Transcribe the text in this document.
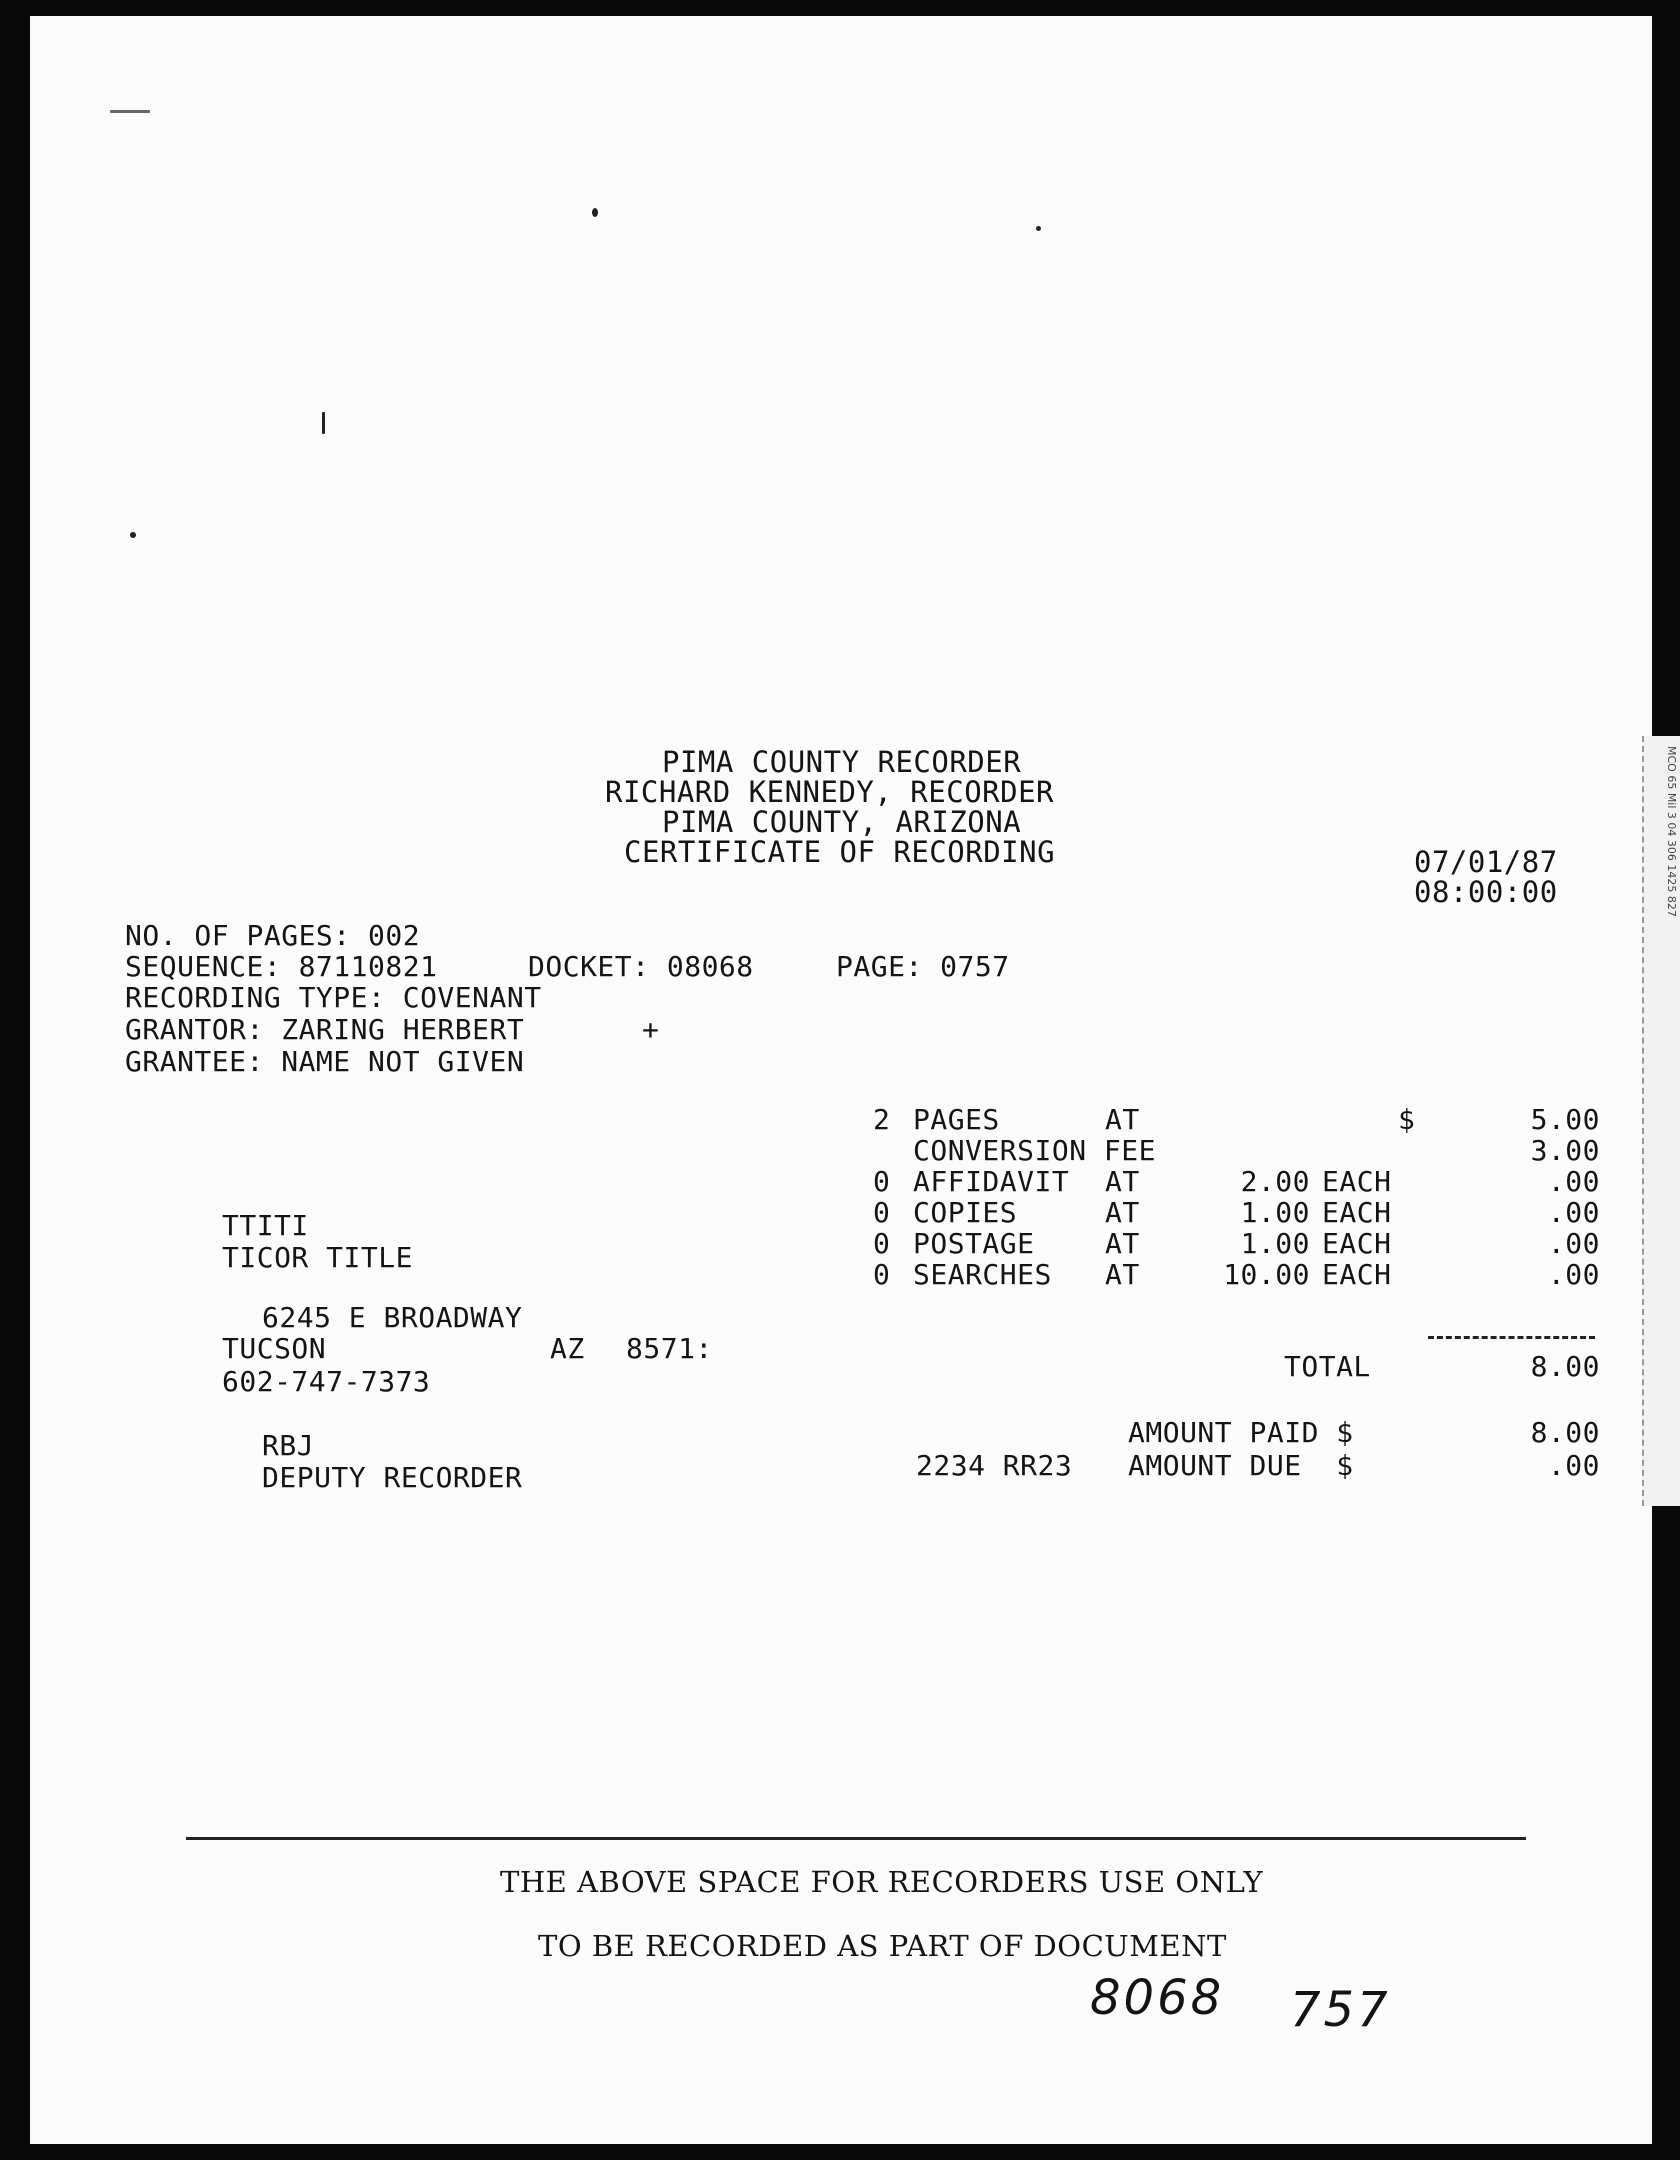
MCO 65 Mil 3 04 306 1425 827
PIMA COUNTY RECORDER
RICHARD KENNEDY, RECORDER
PIMA COUNTY, ARIZONA
CERTIFICATE OF RECORDING	07/01/87
08:00:00
NO. OF PAGES: 002
SEQUENCE: 87110821	DOCKET: 08068	PAGE: 0757
RECORDING TYPE: COVENANT
GRANTOR: ZARING HERBERT	+
GRANTEE: NAME NOT GIVEN
2 PAGES	AT	$	5.00
CONVERSION FEE	3.00
0 AFFIDAVIT AT	2.00 EACH	.00
0 COPIES	AT	1.00 EACH	.00
0 POSTAGE	AT	1.00 EACH	.00
0 SEARCHES AT	10.00 EACH	.00
TOTAL	8.00
AMOUNT PAID $	8.00
2234 RR23 AMOUNT DUE  $	.00
TTITI
TICOR TITLE
6245 E BROADWAY
TUCSON	AZ 8571:
602-747-7373
RBJ
DEPUTY RECORDER
THE ABOVE SPACE FOR RECORDERS USE ONLY
TO BE RECORDED AS PART OF DOCUMENT
8068 757
